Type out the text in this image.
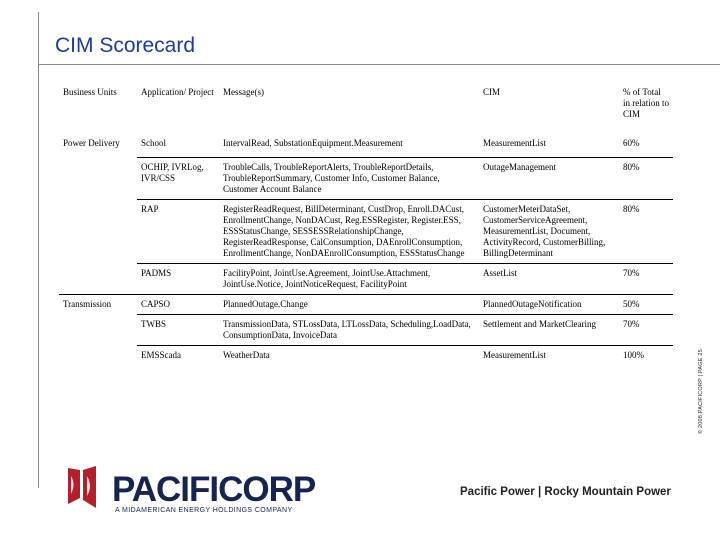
CIM Scorecard
© 2008 PACIFICORP | PAGE 25
Business Units	Application/ Project	Message(s)	CIM	% of Total in relation to CIM
Power Delivery	School	IntervalRead, SubstationEquipment.Measurement	MeasurementList	60%
	OCHIP, IVRLog, IVR/CSS	TroubleCalls, TroubleReportAlerts, TroubleReportDetails, TroubleReportSummary, Customer Info, Customer Balance, Customer Account Balance	OutageManagement	80%
	RAP	RegisterReadRequest, BillDeterminant, CustDrop, Enroll.DACust, EnrollmentChange, NonDACust, Reg.ESSRegister, Register.ESS, ESSStatusChange, SESSESSRelationshipChange, RegisterReadResponse, CalConsumption, DAEnrollConsumption, EnrollmentChange, NonDAEnrollConsumption, ESSStatusChange	CustomerMeterDataSet, CustomerServiceAgreement, MeasurementList, Document, ActivityRecord, CustomerBilling, BillingDeterminant	80%
	PADMS	FacilityPoint, JointUse.Agreement, JointUse.Attachment, JointUse.Notice, JointNoticeRequest, FacilityPoint	AssetList	70%
Transmission	CAPSO	PlannedOutage.Change	PlannedOutageNotification	50%
	TWBS	TransmissionData, STLossData, LTLossData, Scheduling,LoadData, ConsumptionData, InvoiceData	Settlement and MarketClearing	70%
	EMSScada	WeatherData	MeasurementList	100%
PACIFICORP
A MIDAMERICAN ENERGY HOLDINGS COMPANY
Pacific Power | Rocky Mountain Power
